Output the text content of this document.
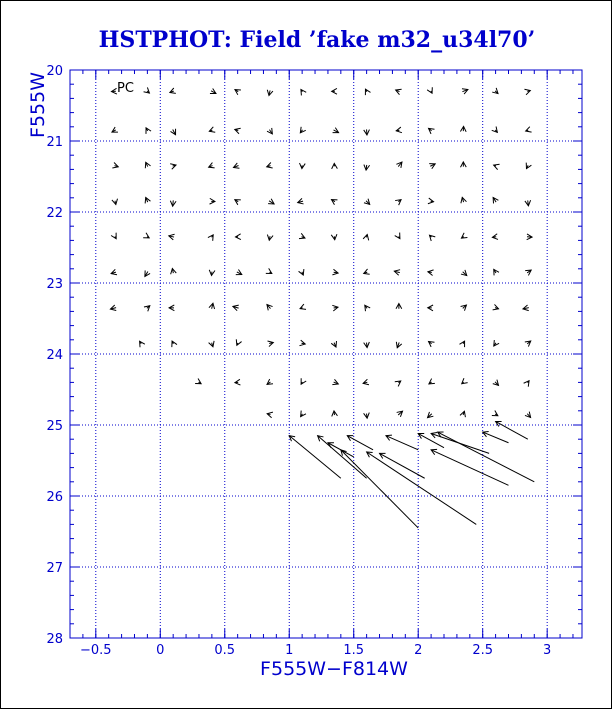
HSTPHOT: Field ’fake m32_u34l70’
−0.5	0	0.5	1	1.5	2	2.5	3
20
21
22
23
24
25
26
27
28
PC
F555W−F814W
F555W
